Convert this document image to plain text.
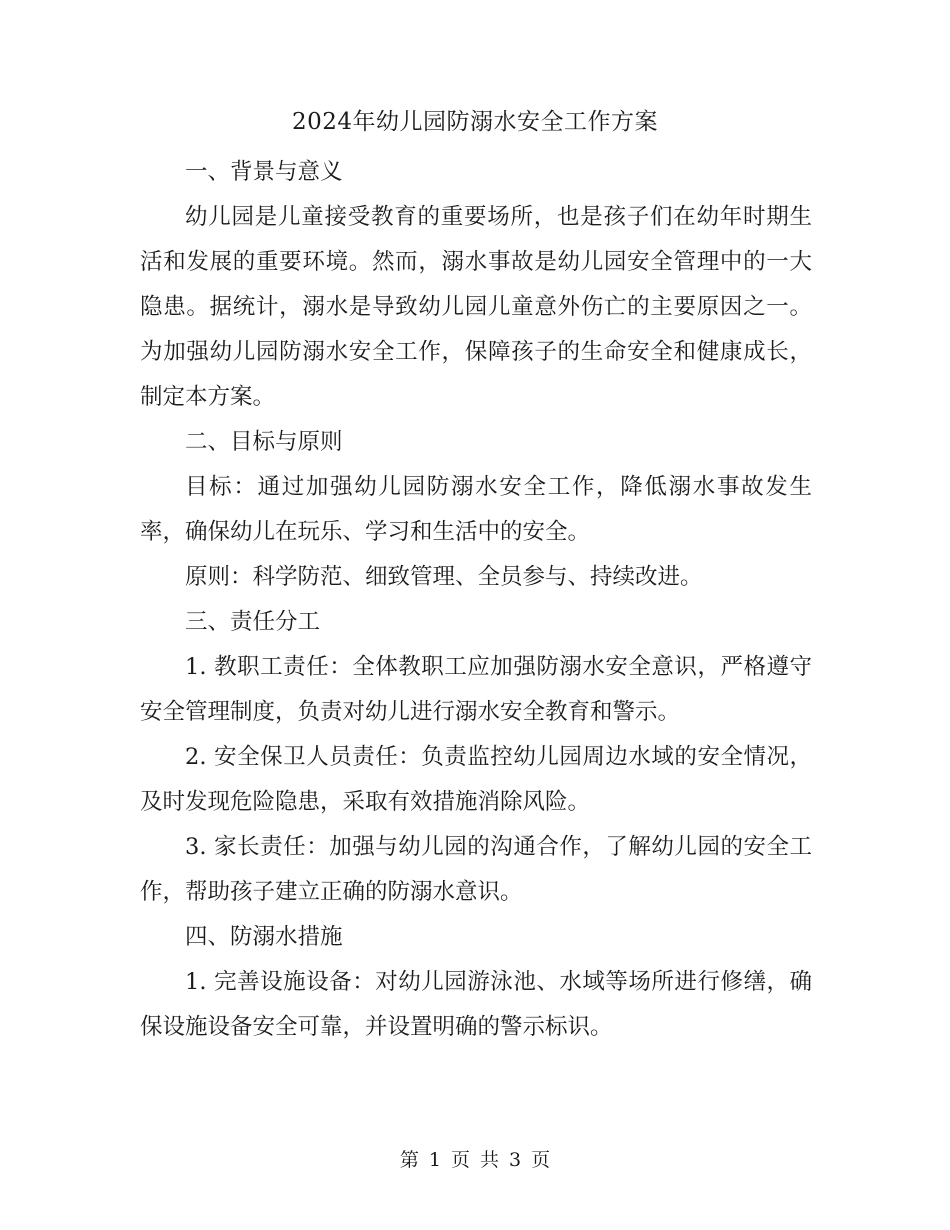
2024年幼儿园防溺水安全工作方案

一、背景与意义

幼儿园是儿童接受教育的重要场所，也是孩子们在幼年时期生活和发展的重要环境。然而，溺水事故是幼儿园安全管理中的一大隐患。据统计，溺水是导致幼儿园儿童意外伤亡的主要原因之一。为加强幼儿园防溺水安全工作，保障孩子的生命安全和健康成长，制定本方案。

二、目标与原则

目标：通过加强幼儿园防溺水安全工作，降低溺水事故发生率，确保幼儿在玩乐、学习和生活中的安全。

原则：科学防范、细致管理、全员参与、持续改进。

三、责任分工

1. 教职工责任：全体教职工应加强防溺水安全意识，严格遵守安全管理制度，负责对幼儿进行溺水安全教育和警示。

2. 安全保卫人员责任：负责监控幼儿园周边水域的安全情况，及时发现危险隐患，采取有效措施消除风险。

3. 家长责任：加强与幼儿园的沟通合作，了解幼儿园的安全工作，帮助孩子建立正确的防溺水意识。

四、防溺水措施

1. 完善设施设备：对幼儿园游泳池、水域等场所进行修缮，确保设施设备安全可靠，并设置明确的警示标识。

第 1 页 共 3 页
